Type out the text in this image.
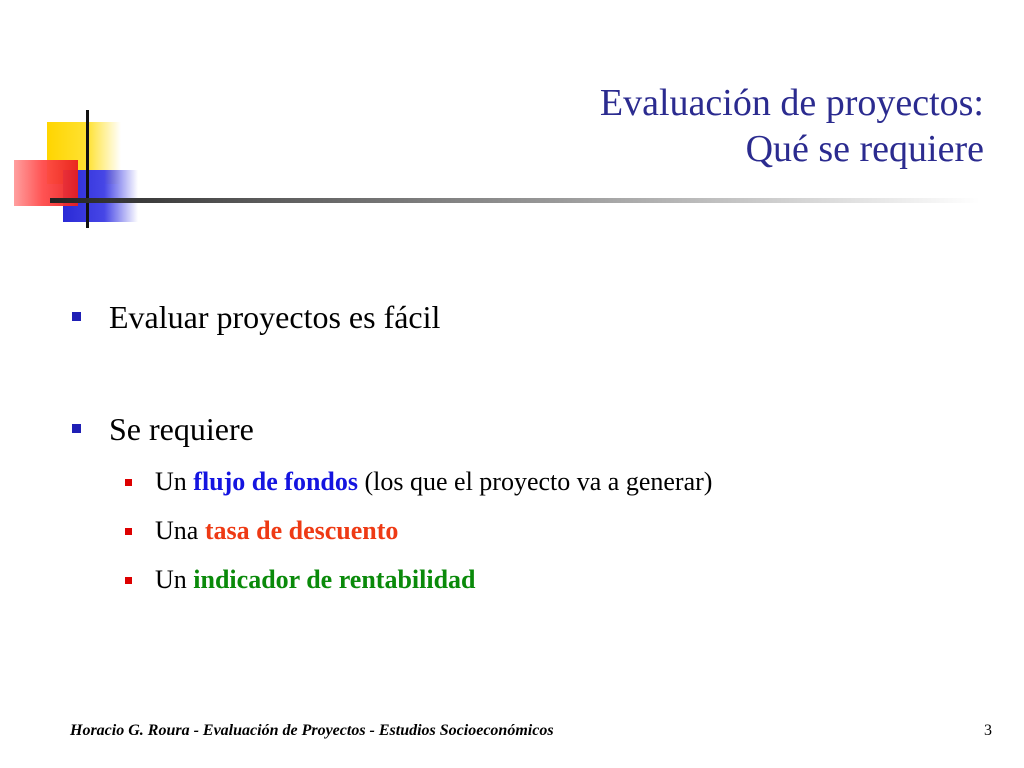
Evaluación de proyectos:
Qué se requiere
Evaluar proyectos es fácil
Se requiere
Un flujo de fondos (los que el proyecto va a generar)
Una tasa de descuento
Un indicador de rentabilidad
Horacio G. Roura - Evaluación de Proyectos - Estudios Socioeconómicos	3
